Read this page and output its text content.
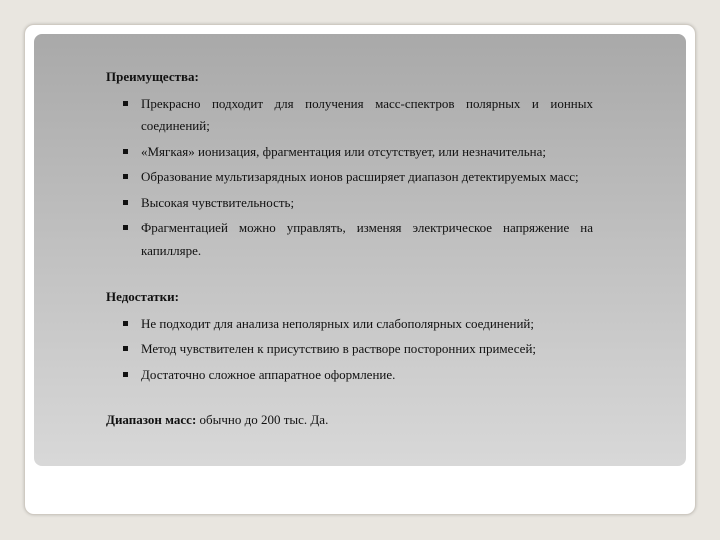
Преимущества:

Прекрасно подходит для получения масс-спектров полярных и ионных соединений;
«Мягкая» ионизация, фрагментация или отсутствует, или незначительна;
Образование мультизарядных ионов расширяет диапазон детектируемых масс;
Высокая чувствительность;
Фрагментацией можно управлять, изменяя электрическое напряжение на капилляре.

Недостатки:

Не подходит для анализа неполярных или слабополярных соединений;
Метод чувствителен к присутствию в растворе посторонних примесей;
Достаточно сложное аппаратное оформление.

Диапазон масс: обычно до 200 тыс. Да.
